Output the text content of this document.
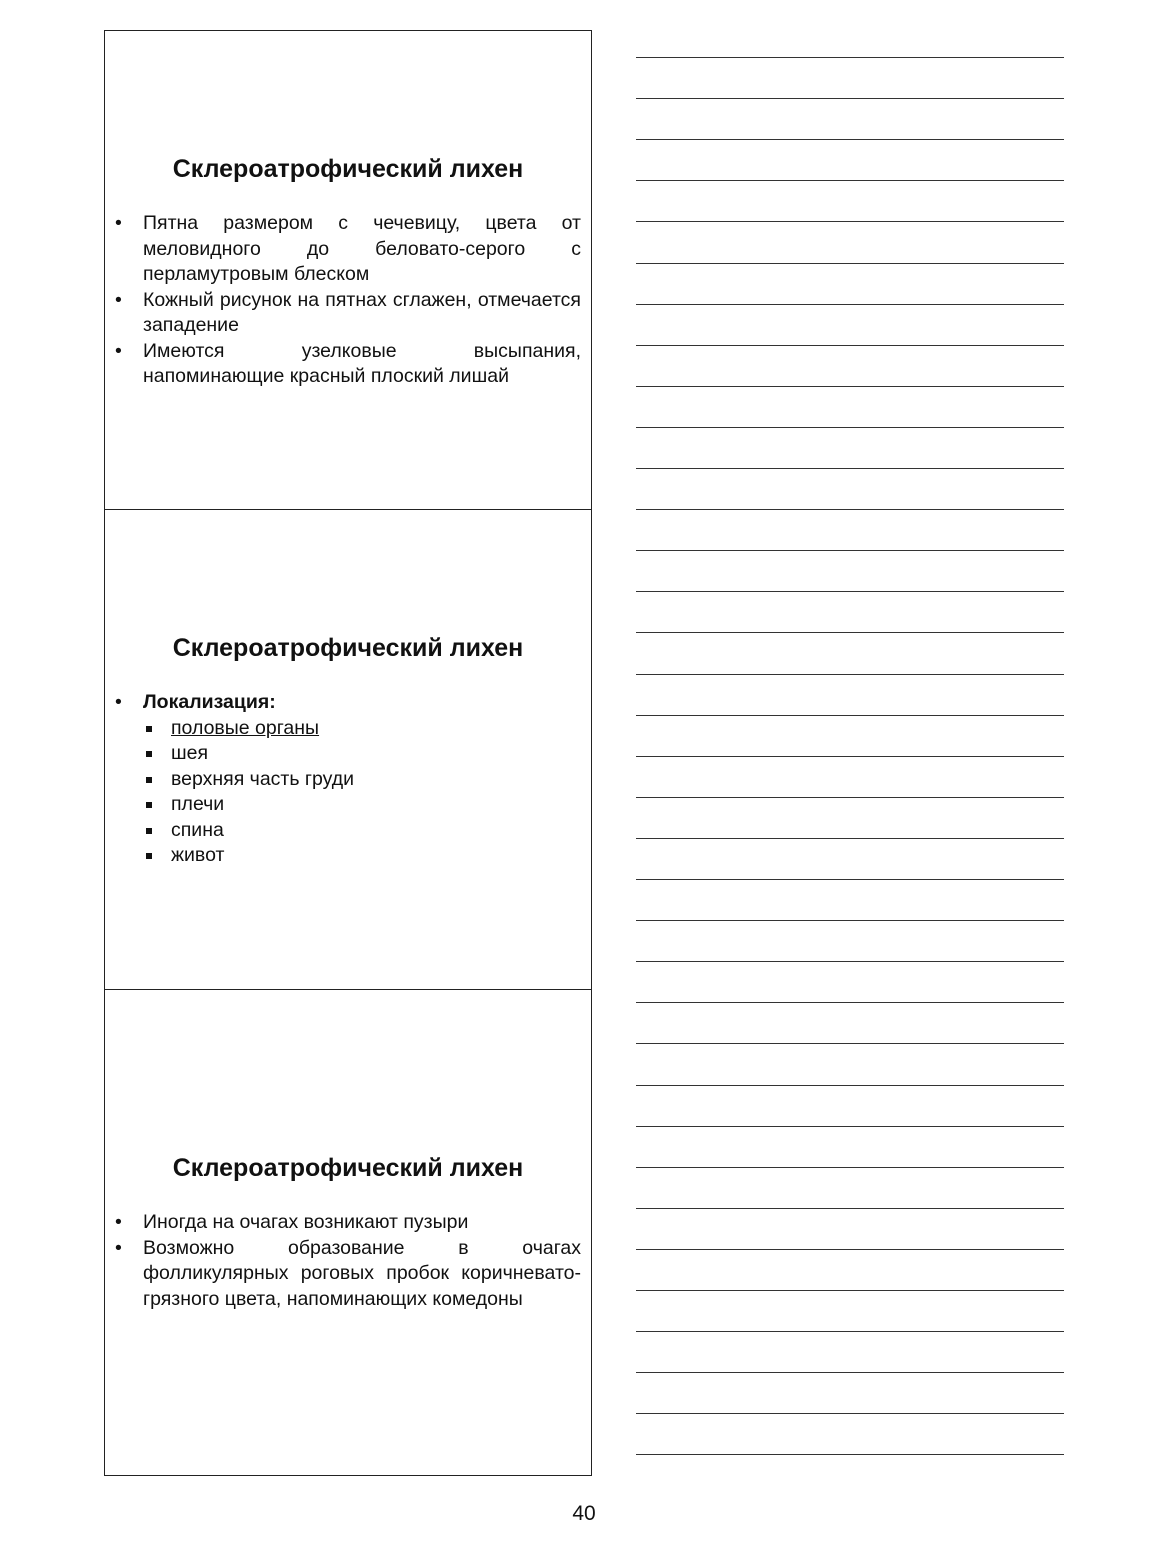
Склероатрофический лихен
• Пятна размером с чечевицу, цвета от меловидного до беловато-серого с перламутровым блеском
• Кожный рисунок на пятнах сглажен, отмечается западение
• Имеются узелковые высыпания, напоминающие красный плоский лишай
Склероатрофический лихен
• Локализация:
половые органы
шея
верхняя часть груди
плечи
спина
живот
Склероатрофический лихен
• Иногда на очагах возникают пузыри
• Возможно образование в очагах фолликулярных роговых пробок коричневато-грязного цвета, напоминающих комедоны
40
